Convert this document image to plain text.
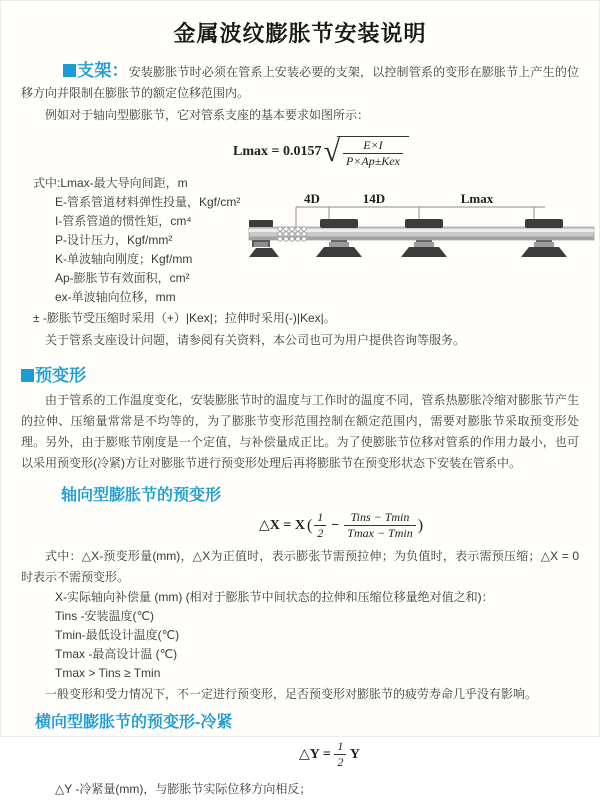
金属波纹膨胀节安装说明

支架：安装膨胀节时必须在管系上安装必要的支架，以控制管系的变形在膨胀节上产生的位移方向并限制在膨胀节的额定位移范围内。

例如对于轴向型膨胀节，它对管系支座的基本要求如图所示：

Lmax = 0.0157 √	E×I
P×Ap±Kex
式中:Lmax-最大导向间距，m
E-管系管道材料弹性投量，Kgf/cm²
I-管系管道的惯性矩，cm⁴
P-设计压力，Kgf/mm²
K-单波轴向刚度；Kgf/mm
Ap-膨胀节有效面积，cm²
ex-单波轴向位移，mm
± -膨胀节受压缩时采用（+）|Kex|；拉伸时采用(-)|Kex|。
关于管系支座设计问题，请参阅有关资料，本公司也可为用户提供咨询等服务。
4D	14D	Lmax
预变形

由于管系的工作温度变化，安装膨胀节时的温度与工作时的温度不同，管系热膨胀冷缩对膨胀节产生的拉伸、压缩量常常是不均等的，为了膨胀节变形范围控制在额定范围内，需要对膨胀节采取预变形处理。另外，由于膨账节刚度是一个定值，与补偿量成正比。为了使膨胀节位移对管系的作用力最小，也可以采用预变形(冷紧)方让对膨胀节进行预变形处理后再将膨胀节在预变形状态下安装在管系中。

轴向型膨胀节的预变形
△X = X ( $\frac{1}{2}$ −
Tins − Tmin
Tmax − Tmin )

式中：△X-预变形量(mm)，△X为正值时，表示膨张节需预拉伸；为负值时，表示需预压缩；△X = 0时表示不需预变形。

X-实际轴向补偿量 (mm) (相对于膨胀节中间状态的拉伸和压缩位移量绝对值之和)：
Tins -安装温度(℃)
Tmin-最低设计温度(℃)
Tmax -最高设计温 (℃)
Tmax > Tins ≥ Tmin

一般变形和受力情况下，不一定进行预变形，足否预变形对膨胀节的疲劳寿命几乎没有影响。

横向型膨胀节的预变形-冷紧
△Y =
$\frac{1}{2}$
Y
△Y -冷紧量(mm)，与膨胀节实际位移方向相反；
